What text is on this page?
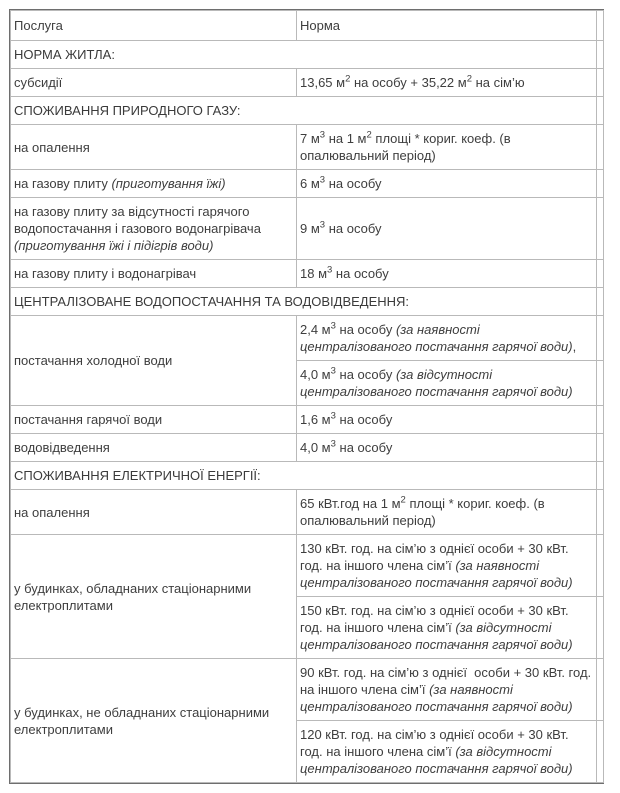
Послуга	Норма	
НОРМА ЖИТЛА:		
субсидії	13,65 $м^2$ на особу + 35,22 $м^2$ на сім’ю	
СПОЖИВАННЯ ПРИРОДНОГО ГАЗУ:		
на опалення	7 $м^3$ на 1 $м^2$ площі * кориг. коеф. (в опалювальний період)	
на газову плиту (приготування їжі)	6 $м^3$ на особу	
на газову плиту за відсутності гарячого водопостачання і газового водонагрівача (приготування їжі і підігрів води)	9 $м^3$ на особу	
на газову плиту і водонагрівач	18 $м^3$ на особу	
ЦЕНТРАЛІЗОВАНЕ ВОДОПОСТАЧАННЯ ТА ВОДОВІДВЕДЕННЯ:		
постачання холодної води	2,4 $м^3$ на особу (за наявності централізованого постачання гарячої води),	
	4,0 $м^3$ на особу (за відсутності централізованого постачання гарячої води)	
постачання гарячої води	1,6 $м^3$ на особу	
водовідведення	4,0 $м^3$ на особу	
СПОЖИВАННЯ ЕЛЕКТРИЧНОЇ ЕНЕРГІЇ:		
на опалення	65 кВт.год на 1 $м^2$ площі * кориг. коеф. (в опалювальний період)	
у будинках, обладнаних стаціонарними електроплитами	130 кВт. год. на сім’ю з однієї особи + 30 кВт. год. на іншого члена сім’ї (за наявності централізованого постачання гарячої води)	
	150 кВт. год. на сім’ю з однієї особи + 30 кВт. год. на іншого члена сім’ї (за відсутності централізованого постачання гарячої води)	
у будинках, не обладнаних стаціонарними електроплитами	90 кВт. год. на сім’ю з однієї  особи + 30 кВт. год. на іншого члена сім’ї (за наявності централізованого постачання гарячої води)	
	120 кВт. год. на сім’ю з однієї особи + 30 кВт. год. на іншого члена сім’ї (за відсутності централізованого постачання гарячої води)	
